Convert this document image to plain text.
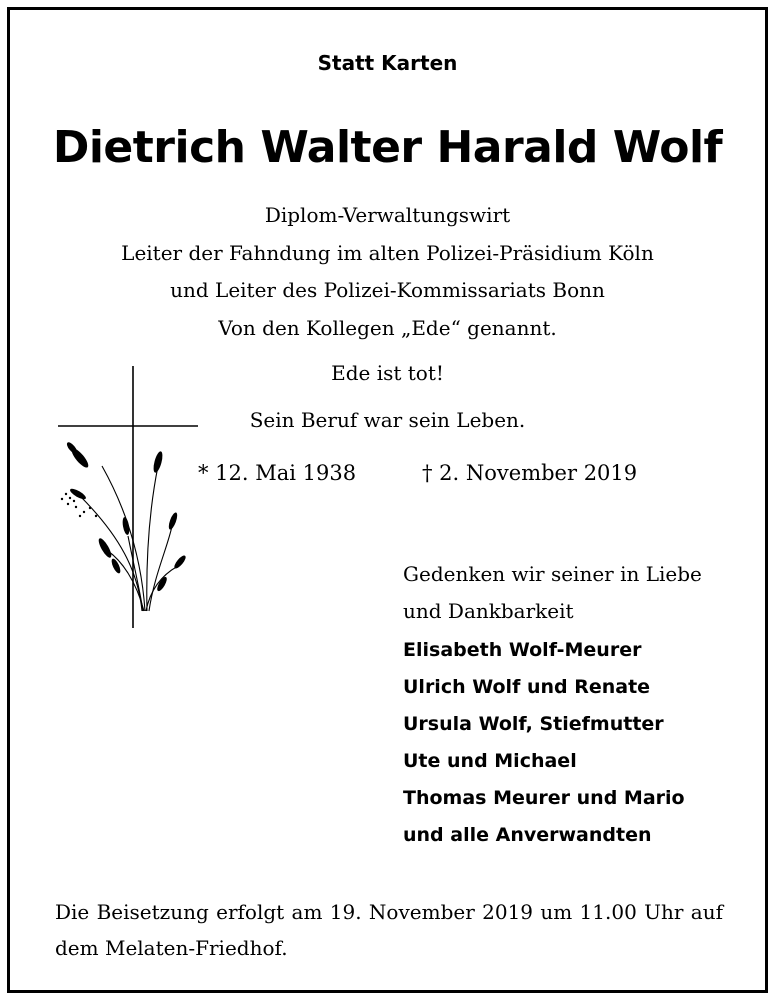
Statt Karten
Dietrich Walter Harald Wolf
Diplom-Verwaltungswirt
Leiter der Fahndung im alten Polizei-Präsidium Köln
und Leiter des Polizei-Kommissariats Bonn
Von den Kollegen „Ede“ genannt.
Ede ist tot!
Sein Beruf war sein Leben.
* 12. Mai 1938	† 2. November 2019
Gedenken wir seiner in Liebe
und Dankbarkeit
Elisabeth Wolf-Meurer
Ulrich Wolf und Renate
Ursula Wolf, Stiefmutter
Ute und Michael
Thomas Meurer und Mario
und alle Anverwandten
Die Beisetzung erfolgt am 19. November 2019 um 11.00 Uhr auf dem Melaten-Friedhof.
